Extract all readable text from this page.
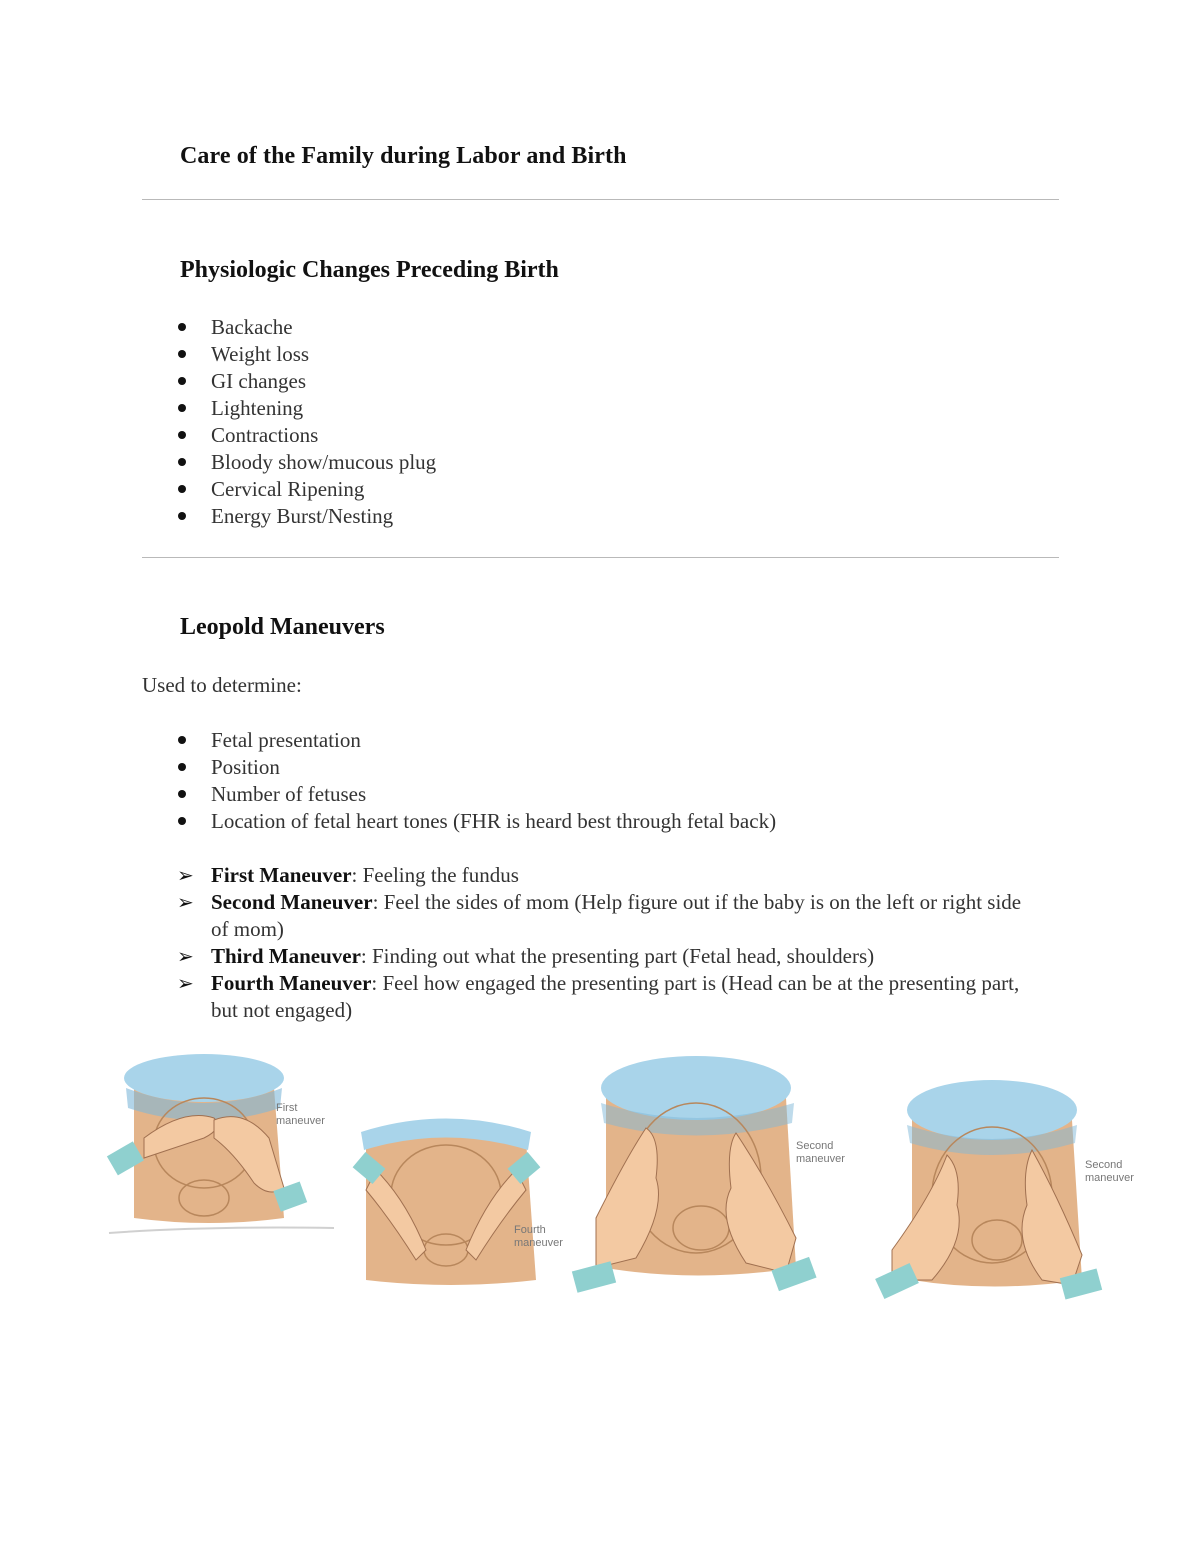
Care of the Family during Labor and Birth
Physiologic Changes Preceding Birth
Backache
Weight loss
GI changes
Lightening
Contractions
Bloody show/mucous plug
Cervical Ripening
Energy Burst/Nesting
Leopold Maneuvers
Used to determine:
Fetal presentation
Position
Number of fetuses
Location of fetal heart tones (FHR is heard best through fetal back)
➢ First Maneuver: Feeling the fundus
➢ Second Maneuver: Feel the sides of mom (Help figure out if the baby is on the left or right side of mom)
➢ Third Maneuver: Finding out what the presenting part (Fetal head, shoulders)
➢ Fourth Maneuver: Feel how engaged the presenting part is (Head can be at the presenting part, but not engaged)
First
maneuver
Fourth
maneuver
Second
maneuver	Second
maneuver
